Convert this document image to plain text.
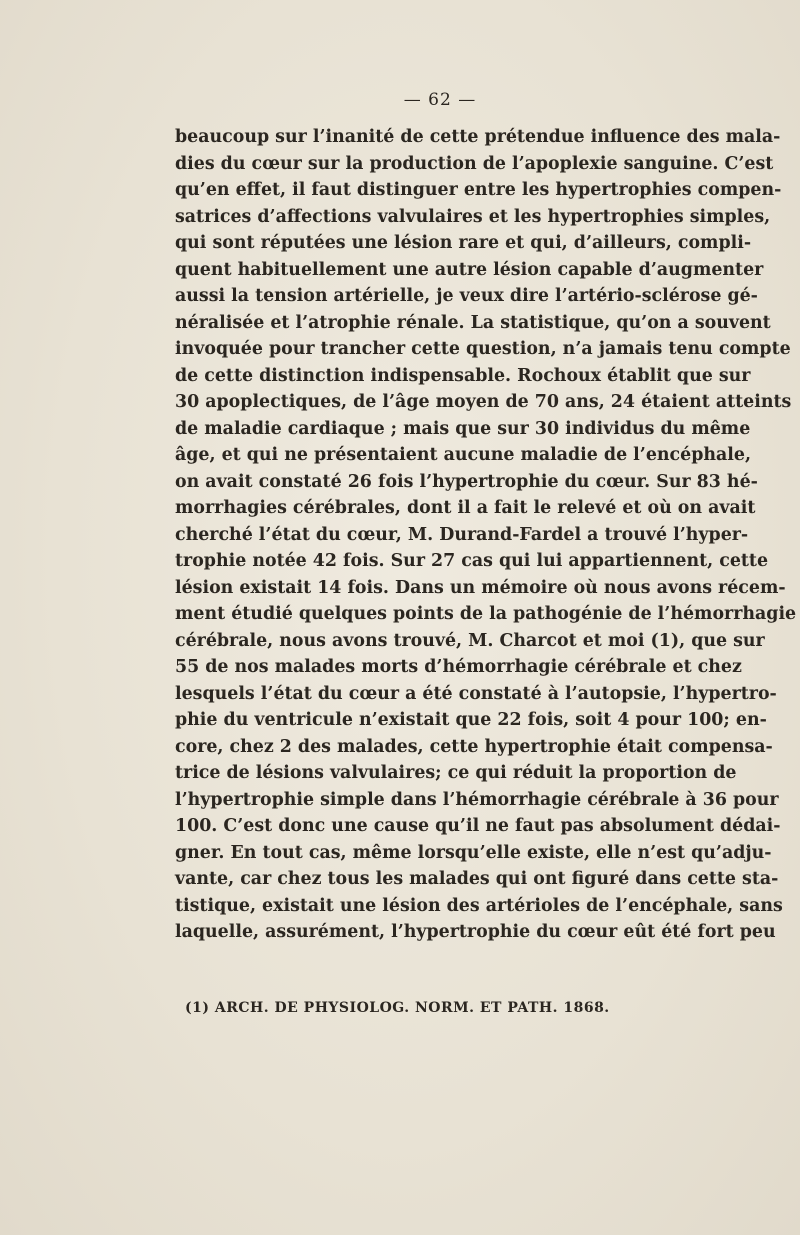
— 62 —
beaucoup sur l’inanité de cette prétendue influence des mala-
dies du cœur sur la production de l’apoplexie sanguine. C’est
qu’en effet, il faut distinguer entre les hypertrophies compen-
satrices d’affections valvulaires et les hypertrophies simples,
qui sont réputées une lésion rare et qui, d’ailleurs, compli-
quent habituellement une autre lésion capable d’augmenter
aussi la tension artérielle, je veux dire l’artério-sclérose gé-
néralisée et l’atrophie rénale. La statistique, qu’on a souvent
invoquée pour trancher cette question, n’a jamais tenu compte
de cette distinction indispensable. Rochoux établit que sur
30 apoplectiques, de l’âge moyen de 70 ans, 24 étaient atteints
de maladie cardiaque ; mais que sur 30 individus du même
âge, et qui ne présentaient aucune maladie de l’encéphale,
on avait constaté 26 fois l’hypertrophie du cœur. Sur 83 hé-
morrhagies cérébrales, dont il a fait le relevé et où on avait
cherché l’état du cœur, M. Durand-Fardel a trouvé l’hyper-
trophie notée 42 fois. Sur 27 cas qui lui appartiennent, cette
lésion existait 14 fois. Dans un mémoire où nous avons récem-
ment étudié quelques points de la pathogénie de l’hémorrhagie
cérébrale, nous avons trouvé, M. Charcot et moi (1), que sur
55 de nos malades morts d’hémorrhagie cérébrale et chez
lesquels l’état du cœur a été constaté à l’autopsie, l’hypertro-
phie du ventricule n’existait que 22 fois, soit 4 pour 100; en-
core, chez 2 des malades, cette hypertrophie était compensa-
trice de lésions valvulaires; ce qui réduit la proportion de
l’hypertrophie simple dans l’hémorrhagie cérébrale à 36 pour
100. C’est donc une cause qu’il ne faut pas absolument dédai-
gner. En tout cas, même lorsqu’elle existe, elle n’est qu’adju-
vante, car chez tous les malades qui ont figuré dans cette sta-
tistique, existait une lésion des artérioles de l’encéphale, sans
laquelle, assurément, l’hypertrophie du cœur eût été fort peu
(1) ARCH. DE PHYSIOLOG. NORM. ET PATH. 1868.
